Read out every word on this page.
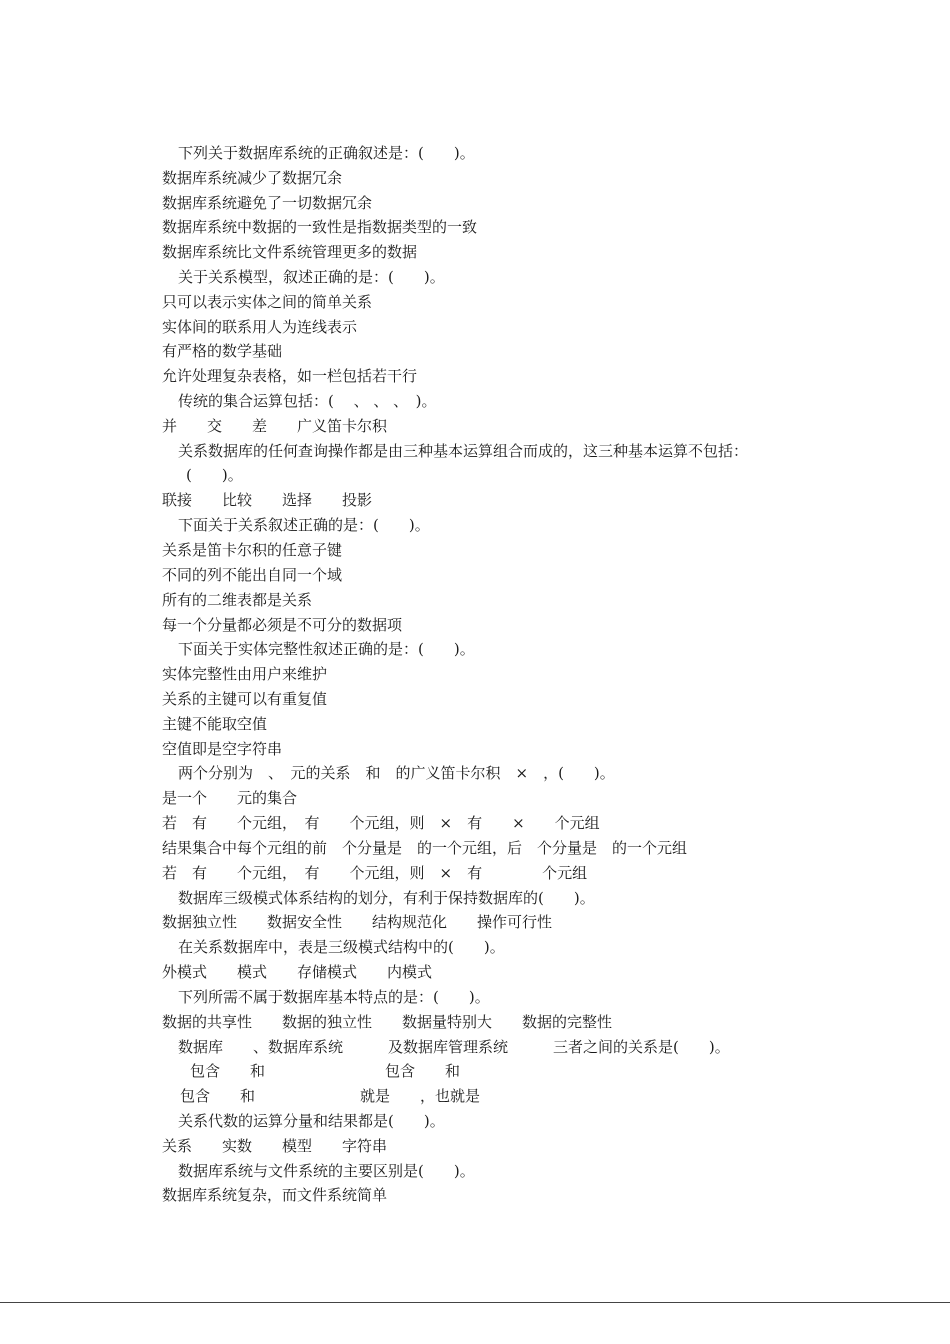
下列关于数据库系统的正确叙述是：(　　)。
数据库系统减少了数据冗余
数据库系统避免了一切数据冗余
数据库系统中数据的一致性是指数据类型的一致
数据库系统比文件系统管理更多的数据
关于关系模型，叙述正确的是：(　　)。
只可以表示实体之间的简单关系
实体间的联系用人为连线表示
有严格的数学基础
允许处理复杂表格，如一栏包括若干行
传统的集合运算包括：(　 、 、 、　)。
并　　交　　差　　广义笛卡尔积
关系数据库的任何查询操作都是由三种基本运算组合而成的，这三种基本运算不包括：
(　　)。
联接　　比较　　选择　　投影
下面关于关系叙述正确的是：(　　)。
关系是笛卡尔积的任意子键
不同的列不能出自同一个域
所有的二维表都是关系
每一个分量都必须是不可分的数据项
下面关于实体完整性叙述正确的是：(　　)。
实体完整性由用户来维护
关系的主键可以有重复值
主键不能取空值
空值即是空字符串
两个分别为　、　元的关系　和　的广义笛卡尔积　×　，(　　)。
是一个　　元的集合
若　有　　个元组，　有　　个元组，则　×　有　　×　　个元组
结果集合中每个元组的前　个分量是　的一个元组，后　个分量是　的一个元组
若　有　　个元组，　有　　个元组，则　×　有　　　　个元组
数据库三级模式体系结构的划分，有利于保持数据库的(　　)。
数据独立性　　数据安全性　　结构规范化　　操作可行性
在关系数据库中，表是三级模式结构中的(　　)。
外模式　　模式　　存储模式　　内模式
下列所需不属于数据库基本特点的是：(　　)。
数据的共享性　　数据的独立性　　数据量特别大　　数据的完整性
数据库　　、数据库系统　　　及数据库管理系统　　　三者之间的关系是(　　)。
包含　　和　　　　　　　　包含　　和
包含　　和　　　　　　　就是　　，也就是
关系代数的运算分量和结果都是(　　)。
关系　　实数　　模型　　字符串
数据库系统与文件系统的主要区别是(　　)。
数据库系统复杂，而文件系统简单
